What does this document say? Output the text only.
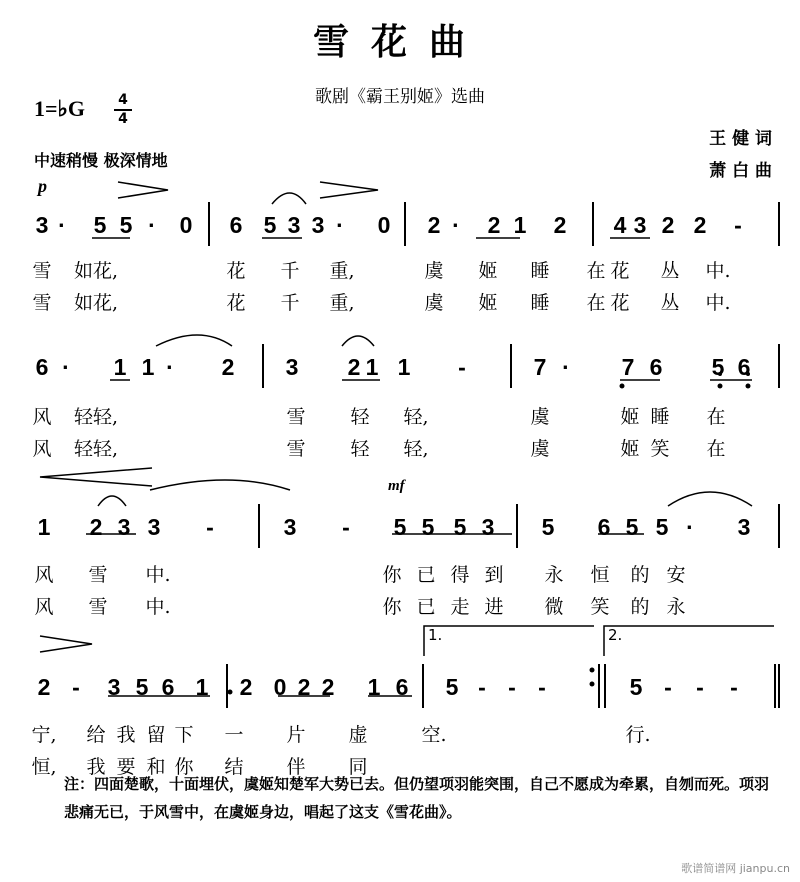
雪花曲
歌剧《霸王别姬》选曲
1=♭G 4
4
中速稍慢 极深情地
王 健 词
萧 白 曲
p
mf
3 · 5 5 · 0 6 5 3 3 · 0 2 · 2 1 2 4 3 2 2 -
雪 如花,	花 千 重,	虞 姬 睡 在 花 丛 中.
雪 如花,	花 千 重,	虞 姬 睡 在 花 丛 中.
6 · 1 1 · 2 3 2 1 1 -	7 · 7 6 5 6
风 轻轻,	雪 轻 轻,	虞	姬 睡 在
风 轻轻,	雪 轻 轻,	虞	姬 笑 在
1 2 3 3 -	3 - 5 5 5 3 5 6 5 5 · 3
风 雪 中.	你 已 得 到 永 恒 的 安
风 雪 中.	你 已 走 进 微 笑 的 永
2 - 3 5 6 1 2 0 2 2 1 6 5 - - -	5 - - -
宁, 给 我 留 下 一 片 虚	空.	行.
恒, 我 要 和 你 结 伴 同
注：四面楚歌，十面埋伏，虞姬知楚军大势已去。但仍望项羽能突围，自己不愿成为牵累，自刎而死。项羽悲痛无已，于风雪中，在虞姬身边，唱起了这支《雪花曲》。
歌谱简谱网 jianpu.cn
1.	2.
